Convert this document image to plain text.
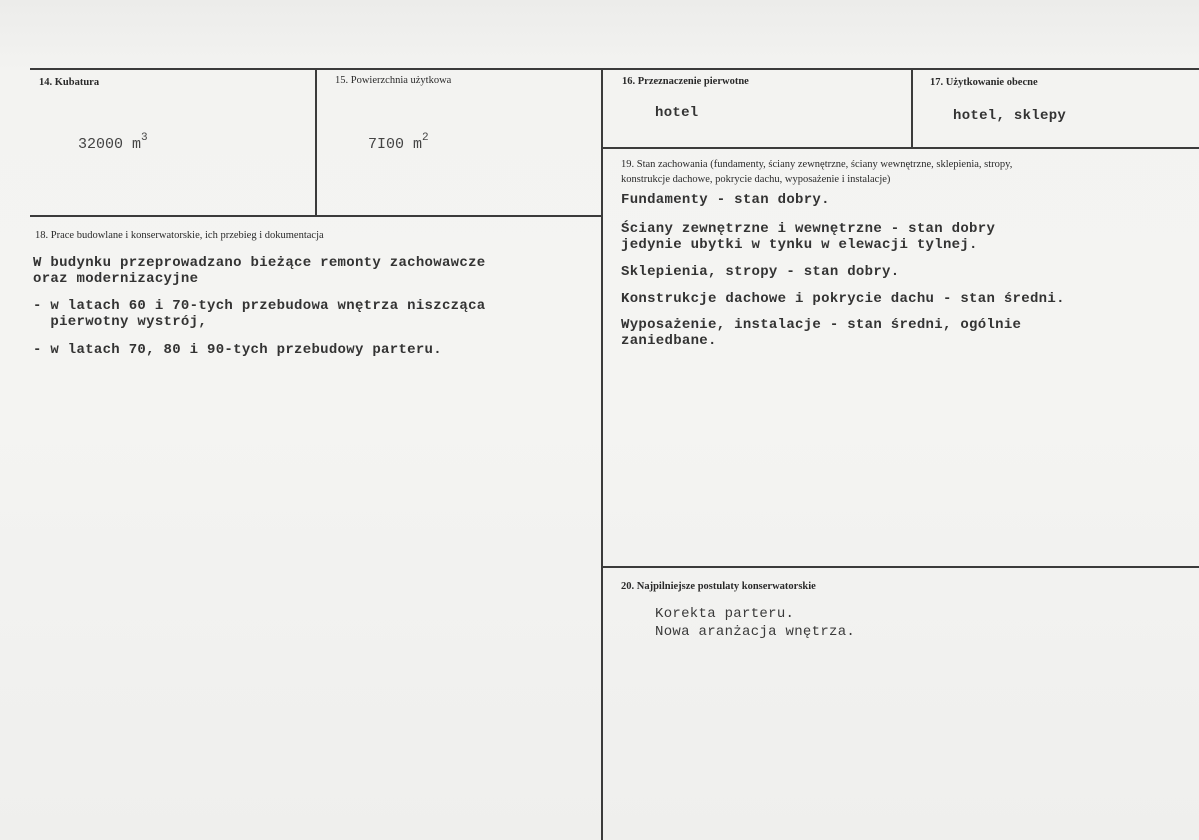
14. Kubatura
32000 $m^3$
15. Powierzchnia użytkowa
7I00 $m^2$
16. Przeznaczenie pierwotne
hotel
17. Użytkowanie obecne
hotel, sklepy
18. Prace budowlane i konserwatorskie, ich przebieg i dokumentacja
W budynku przeprowadzano bieżące remonty zachowawcze
oraz modernizacyjne
- w latach 60 i 70-tych przebudowa wnętrza niszcząca
pierwotny wystrój,
- w latach 70, 80 i 90-tych przebudowy parteru.
19. Stan zachowania (fundamenty, ściany zewnętrzne, ściany wewnętrzne, sklepienia, stropy,
konstrukcje dachowe, pokrycie dachu, wyposażenie i instalacje)
Fundamenty - stan dobry.
Ściany zewnętrzne i wewnętrzne - stan dobry
jedynie ubytki w tynku w elewacji tylnej.
Sklepienia, stropy - stan dobry.
Konstrukcje dachowe i pokrycie dachu - stan średni.
Wyposażenie, instalacje - stan średni, ogólnie
zaniedbane.
20. Najpilniejsze postulaty konserwatorskie
Korekta parteru.
Nowa aranżacja wnętrza.
